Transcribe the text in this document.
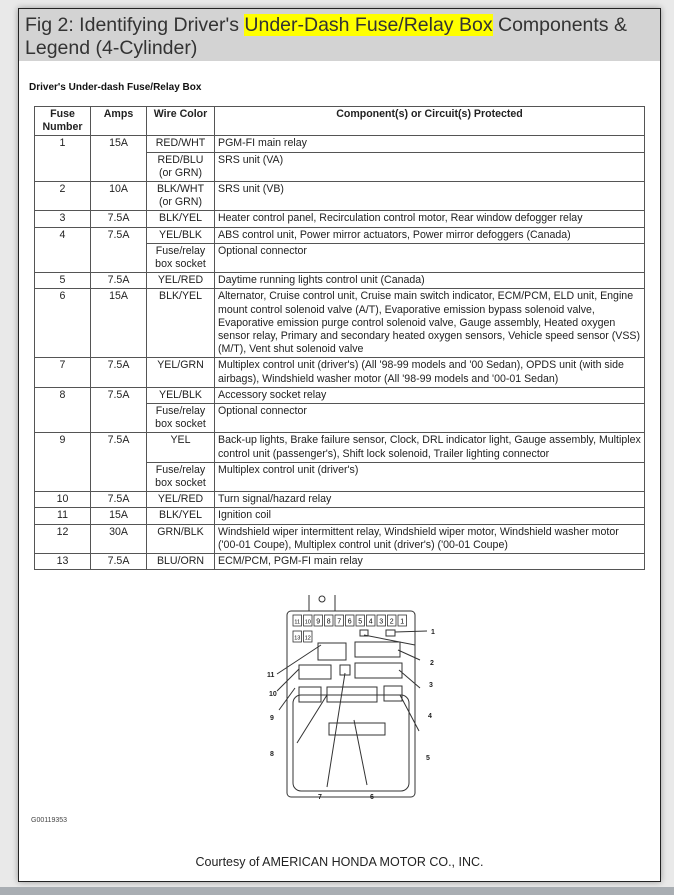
Fig 2: Identifying Driver's Under-Dash Fuse/Relay Box Components & Legend (4-Cylinder)
Driver's Under-dash Fuse/Relay Box
Fuse Number	Amps	Wire Color	Component(s) or Circuit(s) Protected
1	15A	RED/WHT	PGM-FI main relay
		RED/BLU (or GRN)	SRS unit (VA)
2	10A	BLK/WHT (or GRN)	SRS unit (VB)
3	7.5A	BLK/YEL	Heater control panel, Recirculation control motor, Rear window defogger relay
4	7.5A	YEL/BLK	ABS control unit, Power mirror actuators, Power mirror defoggers (Canada)
		Fuse/relay box socket	Optional connector
5	7.5A	YEL/RED	Daytime running lights control unit (Canada)
6	15A	BLK/YEL	Alternator, Cruise control unit, Cruise main switch indicator, ECM/PCM, ELD unit, Engine mount control solenoid valve (A/T), Evaporative emission bypass solenoid valve, Evaporative emission purge control solenoid valve, Gauge assembly, Heated oxygen sensor relay, Primary and secondary heated oxygen sensors, Vehicle speed sensor (VSS) (M/T), Vent shut solenoid valve
7	7.5A	YEL/GRN	Multiplex control unit (driver's) (All '98-99 models and '00 Sedan), OPDS unit (with side airbags), Windshield washer motor (All '98-99 models and '00-01 Sedan)
8	7.5A	YEL/BLK	Accessory socket relay
		Fuse/relay box socket	Optional connector
9	7.5A	YEL	Back-up lights, Brake failure sensor, Clock, DRL indicator light, Gauge assembly, Multiplex control unit (passenger's), Shift lock solenoid, Trailer lighting connector
		Fuse/relay box socket	Multiplex control unit (driver's)
10	7.5A	YEL/RED	Turn signal/hazard relay
11	15A	BLK/YEL	Ignition coil
12	30A	GRN/BLK	Windshield wiper intermittent relay, Windshield wiper motor, Windshield washer motor ('00-01 Coupe), Multiplex control unit (driver's) ('00-01 Coupe)
13	7.5A	BLU/ORN	ECM/PCM, PGM-FI main relay
11 10 9 8 7 6 5 4 3 2 1
13 12
1
2
3
4
5
6
7
8
9
10
11
G00119353
Courtesy of AMERICAN HONDA MOTOR CO., INC.
